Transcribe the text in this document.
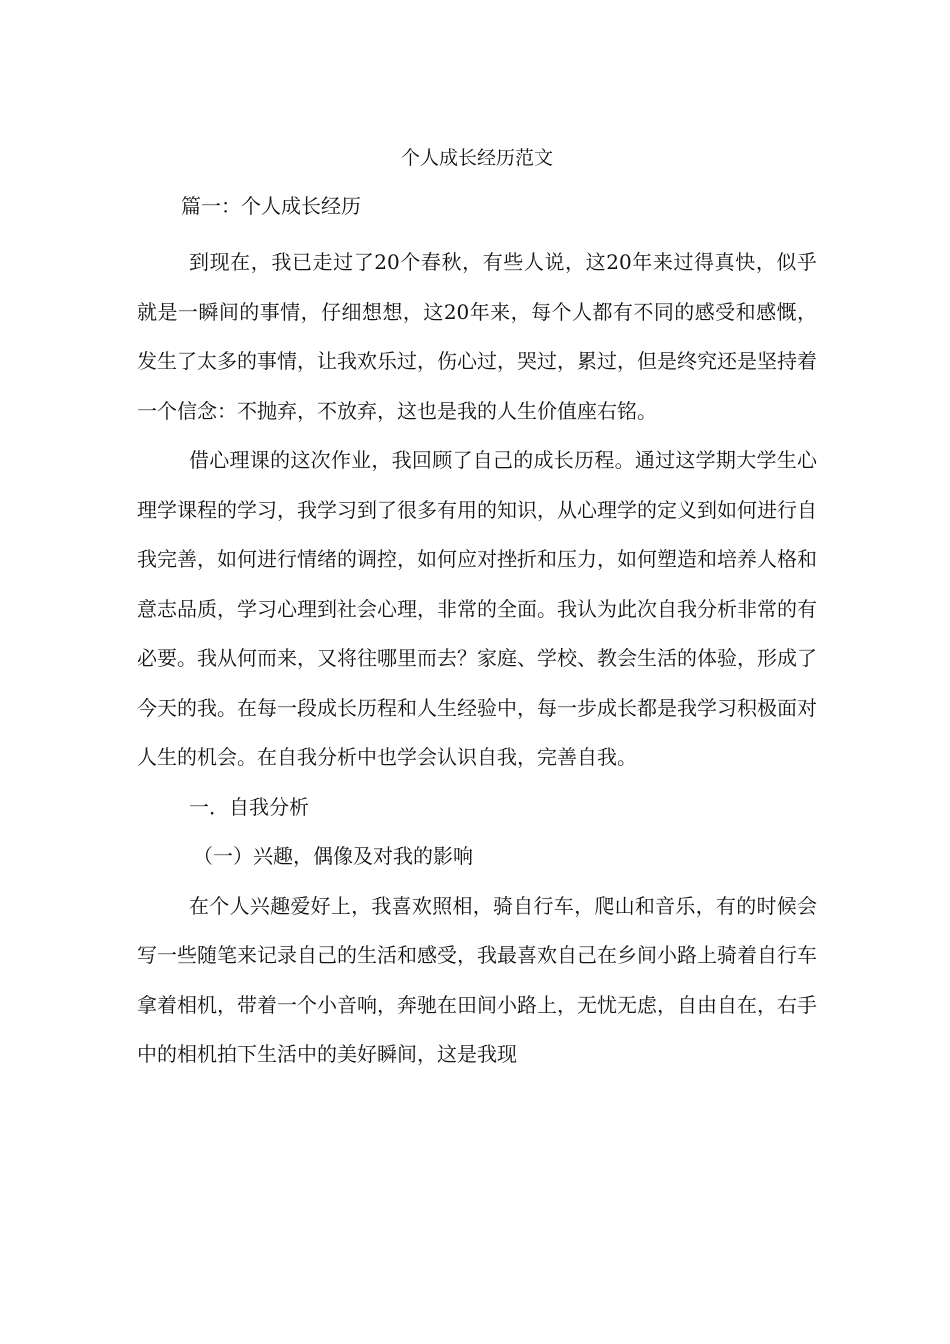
个人成长经历范文

篇一：个人成长经历

到现在，我已走过了20个春秋，有些人说，这20年来过得真快，似乎就是一瞬间的事情，仔细想想，这20年来，每个人都有不同的感受和感慨，发生了太多的事情，让我欢乐过，伤心过，哭过，累过，但是终究还是坚持着一个信念：不抛弃，不放弃，这也是我的人生价值座右铭。

借心理课的这次作业，我回顾了自己的成长历程。通过这学期大学生心理学课程的学习，我学习到了很多有用的知识，从心理学的定义到如何进行自我完善，如何进行情绪的调控，如何应对挫折和压力，如何塑造和培养人格和意志品质，学习心理到社会心理，非常的全面。我认为此次自我分析非常的有必要。我从何而来，又将往哪里而去？家庭、学校、教会生活的体验，形成了今天的我。在每一段成长历程和人生经验中，每一步成长都是我学习积极面对人生的机会。在自我分析中也学会认识自我，完善自我。

一．自我分析

（一）兴趣，偶像及对我的影响

在个人兴趣爱好上，我喜欢照相，骑自行车，爬山和音乐，有的时候会写一些随笔来记录自己的生活和感受，我最喜欢自己在乡间小路上骑着自行车拿着相机，带着一个小音响，奔驰在田间小路上，无忧无虑，自由自在，右手中的相机拍下生活中的美好瞬间，这是我现
